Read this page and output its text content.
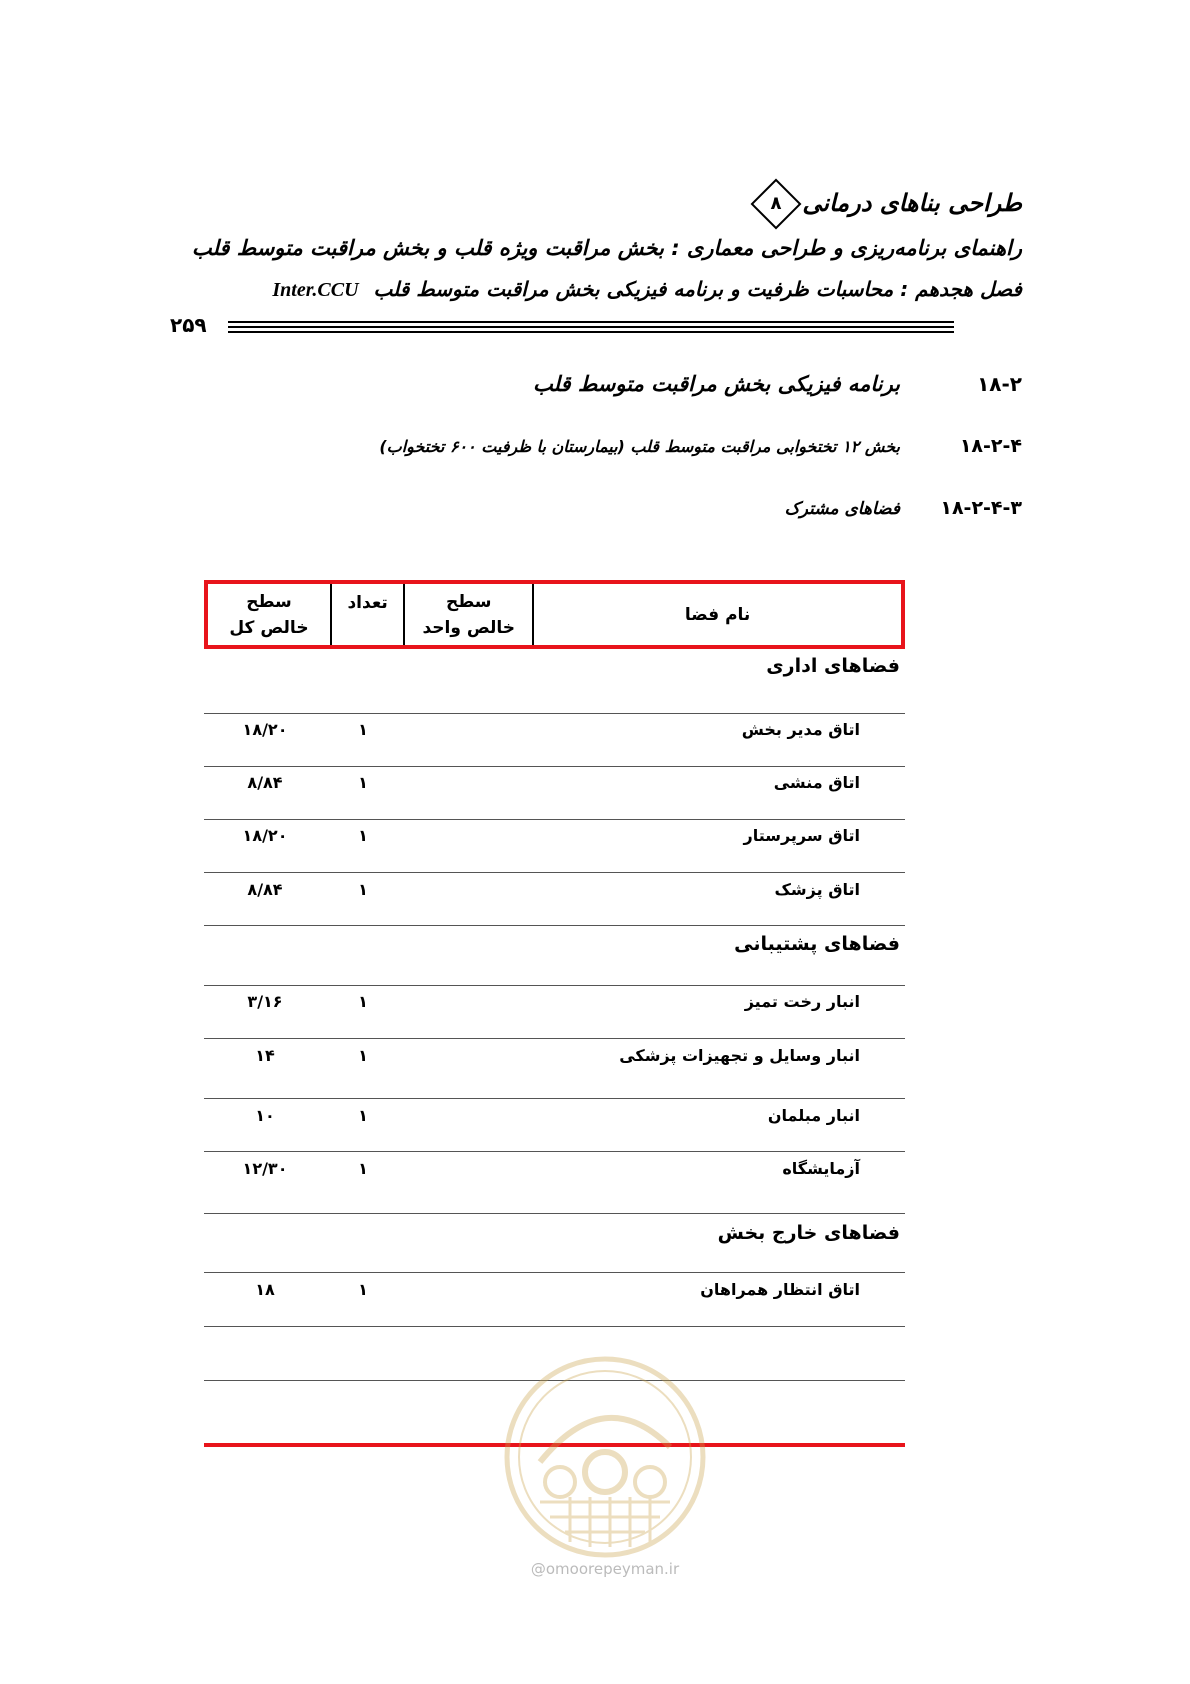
طراحی بناهای درمانی
۸
راهنمای برنامه‌ریزی و طراحی معماری : بخش مراقبت ویژه قلب و بخش مراقبت متوسط قلب
فصل هجدهم : محاسبات ظرفیت و برنامه فیزیکی بخش مراقبت متوسط قلب Inter.CCU
۲۵۹
۱۸-۲
برنامه فیزیکی بخش مراقبت متوسط قلب
۱۸-۲-۴
بخش ۱۲ تختخوابی مراقبت متوسط قلب (بیمارستان با ظرفیت ۶۰۰ تختخواب)
۱۸-۲-۴-۳
فضاهای مشترک
نام فضا
سطح
خالص واحد
تعداد
سطح
خالص کل
فضاهای اداری
اتاق مدیر بخش
۱
۱۸/۲۰
اتاق منشی
۱
۸/۸۴
اتاق سرپرستار
۱
۱۸/۲۰
اتاق پزشک
۱
۸/۸۴
فضاهای پشتیبانی
انبار رخت تمیز
۱
۳/۱۶
انبار وسایل و تجهیزات پزشکی
۱
۱۴
انبار مبلمان
۱
۱۰
آزمایشگاه
۱
۱۲/۳۰
فضاهای خارج بخش
اتاق انتظار همراهان
۱
۱۸
@omoorepeyman.ir
